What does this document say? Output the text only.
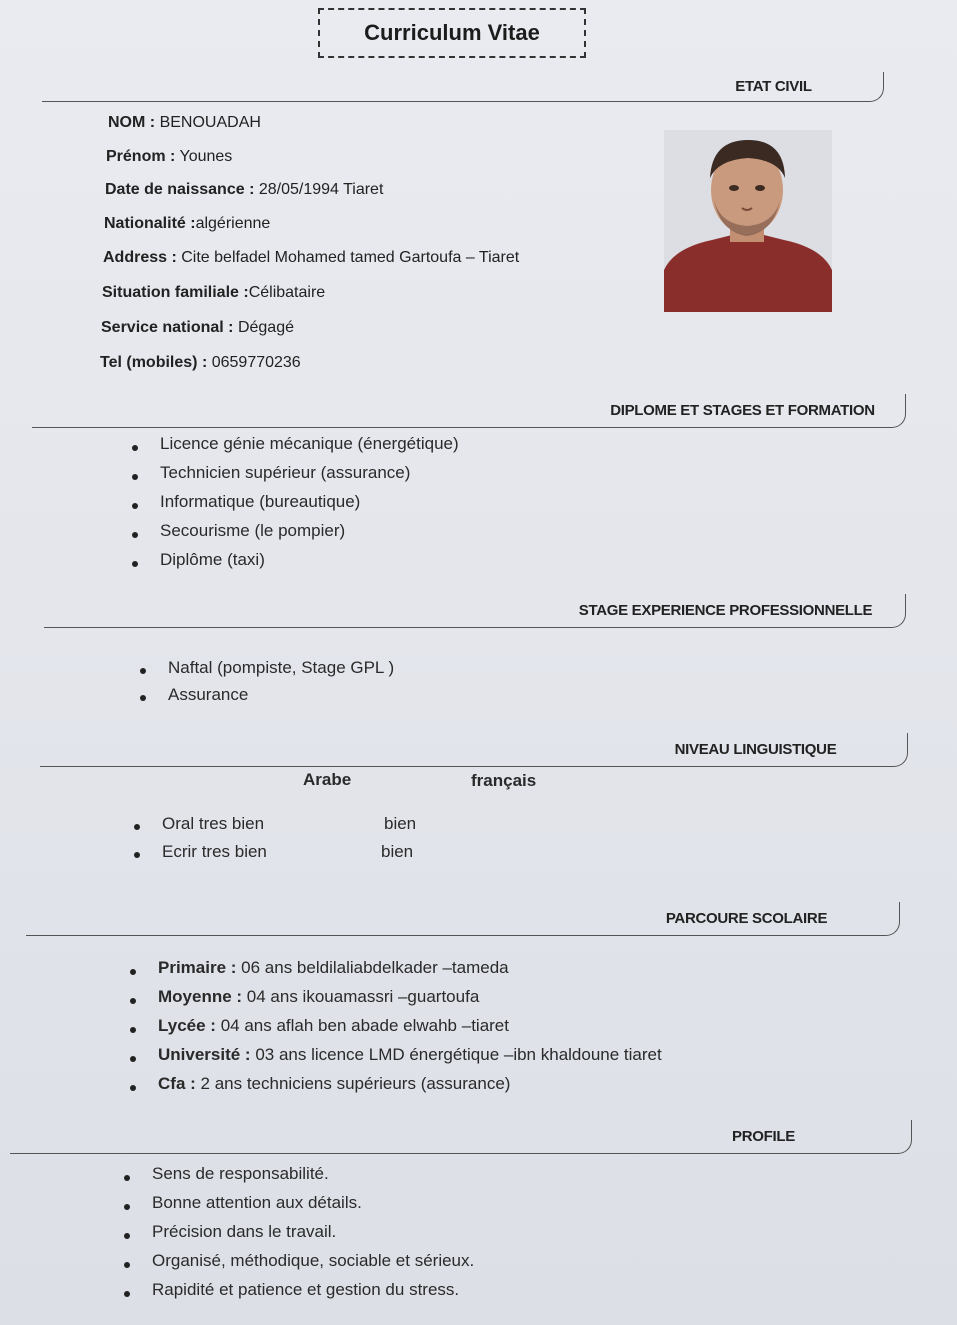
Curriculum Vitae
ETAT CIVIL
NOM : BENOUADAH
Prénom : Younes
Date de naissance : 28/05/1994 Tiaret
Nationalité :algérienne
Address : Cite belfadel Mohamed tamed Gartoufa – Tiaret
Situation familiale :Célibataire
Service national : Dégagé
Tel (mobiles) : 0659770236
DIPLOME ET STAGES ET FORMATION
Licence génie mécanique (énergétique)
Technicien supérieur (assurance)
Informatique (bureautique)
Secourisme (le pompier)
Diplôme (taxi)
STAGE EXPERIENCE PROFESSIONNELLE
Naftal (pompiste, Stage GPL )
Assurance
NIVEAU LINGUISTIQUE
Arabe	français
Oral tres bien
Ecrir tres bien
bien
bien
PARCOURE SCOLAIRE
Primaire : 06 ans beldilaliabdelkader –tameda
Moyenne : 04 ans ikouamassri –guartoufa
Lycée : 04 ans aflah ben abade elwahb –tiaret
Université : 03 ans licence LMD énergétique –ibn khaldoune tiaret
Cfa : 2 ans techniciens supérieurs (assurance)
PROFILE
Sens de responsabilité.
Bonne attention aux détails.
Précision dans le travail.
Organisé, méthodique, sociable et sérieux.
Rapidité et patience et gestion du stress.
